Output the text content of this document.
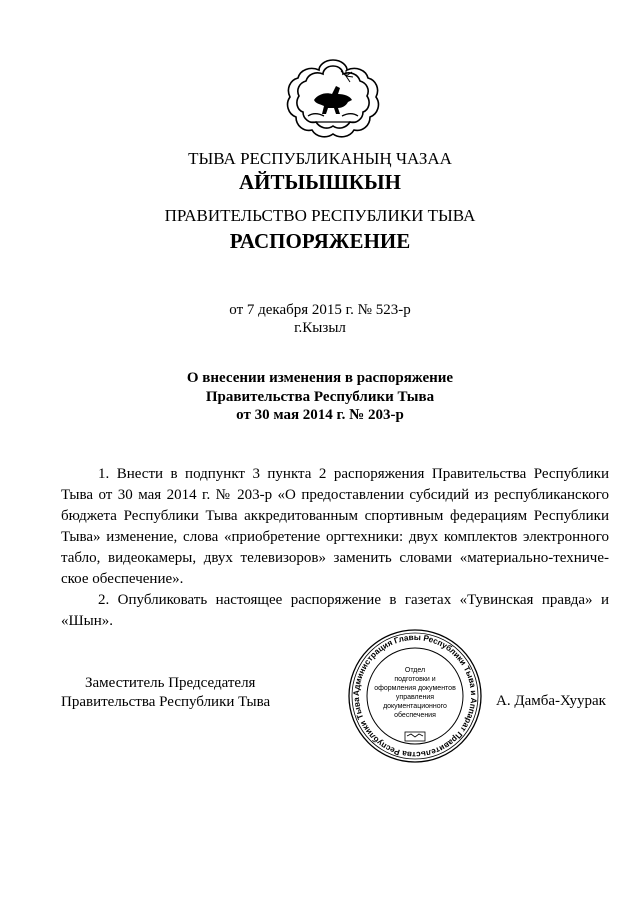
ТЫВА РЕСПУБЛИКАНЫҢ ЧАЗАА
АЙТЫЫШКЫН
ПРАВИТЕЛЬСТВО РЕСПУБЛИКИ ТЫВА
РАСПОРЯЖЕНИЕ
от 7 декабря 2015 г. № 523-р
г.Кызыл
О внесении изменения в распоряжение
Правительства Республики Тыва
от 30 мая 2014 г. № 203-р

1. Внести в подпункт 3 пункта 2 распоряжения Правительства Республики Тыва от 30 мая 2014 г. № 203-р «О предоставлении субсидий из республиканского бюджета Республики Тыва аккредитованным спортивным федерациям Республики Тыва» изменение, слова «приобретение оргтехники: двух комплектов электронного табло, видеокамеры, двух телевизоров» заменить словами «материально-техниче-ское обеспечение».

2. Опубликовать настоящее распоряжение в газетах «Тувинская правда» и «Шын».

Заместитель Председателя
Правительства Республики Тыва
Администрация Главы Республики Тыва и Аппарат Правительства Республики Тыва
Отдел
подготовки и
оформления документов
управления
документационного
обеспечения
А. Дамба-Хуурак
